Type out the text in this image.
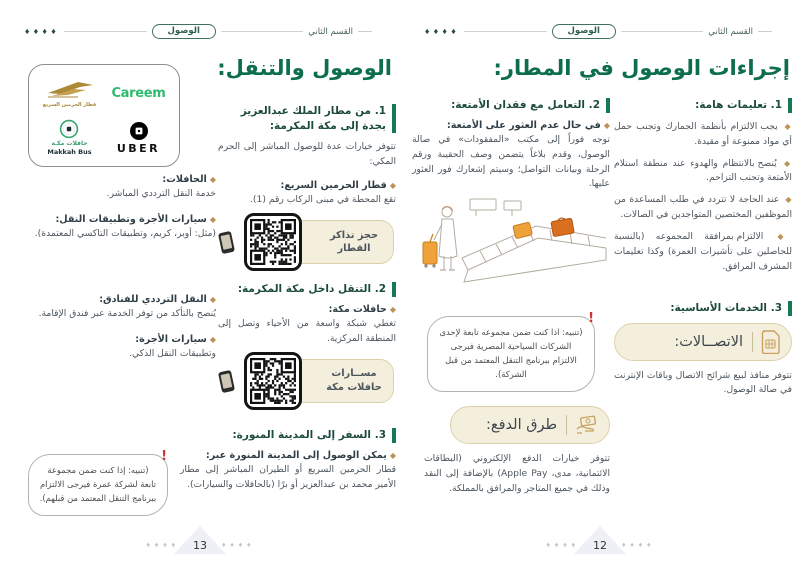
القسم الثاني
الوصول
♦♦♦♦
الوصول والتنقل:
قطار الحرمين السريع
Careem
حافلات مكـة
Makkah Bus UBER
1. من مطار الملك عبدالعزيز بجدة إلى مكة المكرمة:

تتوفر خيارات عدة للوصول المباشر إلى الحرم المكي:

◆قطار الحرمين السريع:

تقع المحطة في مبنى الركاب رقم (1).

حجز تذاكر القطار
2. التنقل داخل مكة المكرمة:
◆حافلات مكة:

تغطي شبكة واسعة من الأحياء وتصل إلى المنطقة المركزية.

مســارات حافلات مكة
3. السفر إلى المدينة المنورة:
◆يمكن الوصول إلى المدينة المنورة عبر:

قطار الحرمين السريع أو الطيران المباشر إلى مطار الأمير محمد بن عبدالعزيز أو برًا (بالحافلات والسيارات).

◆الحافلات:

خدمة النقل الترددي المباشر.

◆سيارات الأجرة وتطبيقات النقل:

(مثل: أوبر، كريم، وتطبيقات التاكسي المعتمدة).

◆النقل الترددي للفنادق:

يُنصح بالتأكد من توفر الخدمة عبر فندق الإقامة.

◆سيارات الأجرة:

وتطبيقات النقل الذكي.

!
(تنبيه: إذا كنت ضمن مجموعة تابعة لشركة عمرة فيرجى الالتزام ببرنامج التنقل المعتمد من قبلهم).
♦♦♦♦
13
♦♦♦♦
القسم الثاني
الوصول
♦♦♦♦
إجراءات الوصول في المطار:
1. تعليمات هامة:

◆ يجب الالتزام بأنظمة الجمارك وتجنب حمل أي مواد ممنوعة أو مقيدة.

◆ يُنصح بالانتظام والهدوء عند منطقة استلام الأمتعة وتجنب التزاحم.

◆ عند الحاجة لا تتردد في طلب المساعدة من الموظفين المختصين المتواجدين في الصالات.

◆ الالتزام بمرافقة المجموعه (بالنسبة للحاصلين على تأشيرات العمرة) وكذا تعليمات المشرف المرافق.

3. الخدمات الأساسية:
الاتصــالات:

تتوفر منافذ لبيع شرائح الاتصال وباقات الإنترنت في صالة الوصول.

2. التعامل مع فقدان الأمتعة:
◆في حال عدم العثور على الأمتعة:

توجه فوراً إلى مكتب «المفقودات» في صالة الوصول، وقدم بلاغاً يتضمن وصف الحقيبة ورقم الرحلة وبيانات التواصل؛ وسيتم إشعارك فور العثور عليها.

!
(تنبيه: اذا كنت ضمن مجموعه تابعة لإحدى الشركات السياحية المصرية فيرجى الالتزام ببرنامج التنقل المعتمد من قبل الشركة).
طرق الدفع:

تتوفر خيارات الدفع الإلكتروني (البطاقات الائتمانية، مدى، Apple Pay) بالإضافة إلى النقد وذلك في جميع المتاجر والمرافق بالمملكة.

♦♦♦♦
12
♦♦♦♦
